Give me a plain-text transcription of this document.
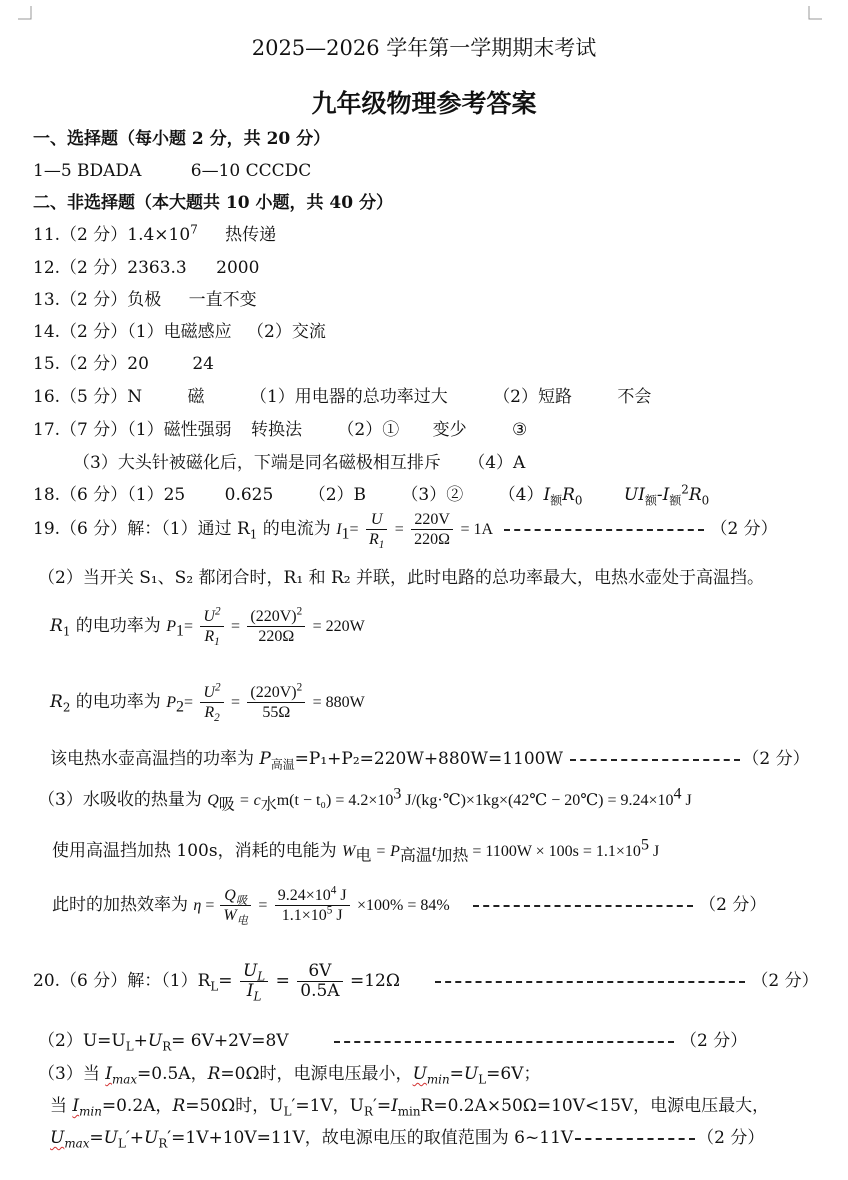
2025—2026 学年第一学期期末考试
九年级物理参考答案
一、选择题（每小题 2 分，共 20 分）
1—5 BDADA	6—10 CCCDC
二、非选择题（本大题共 10 小题，共 40 分）
11.（2 分）$1.4\times 10^7$ 热传递
12.（2 分）2363.3 2000
13.（2 分）负极 一直不变
14.（2 分）（1）电磁感应 （2）交流
15.（2 分）20	24
16.（5 分）N	磁	（1）用电器的总功率过大	（2）短路	不会
17.（7 分）（1）磁性强弱 转换法 （2）① 变少	③
（3）大头针被磁化后，下端是同名磁极相互排斥 （4）A
18.（6 分）（1）25 0.625 （2）B （3）② $(4)I_额R_0$ $UI_额-I_额^2R_0$
19.（6 分）解：（1）通过 $R_1$ 的电流为 $I_1= \frac{U}{R_1} = \frac{220V}{220\Omega} = 1A$	（2 分）
（2）当开关 S₁、S₂ 都闭合时，R₁ 和 R₂ 并联，此时电路的总功率最大，电热水壶处于高温挡。
$R_1$ 的电功率为 $P_1= \frac{U^2}{R_1} = \frac{(220V)^2}{220\Omega} = 220W$
$R_2$ 的电功率为 $P_2= \frac{U^2}{R_2} = \frac{(220V)^2}{55\Omega} = 880W$
该电热水壶高温挡的功率为 $P_{高温}=P_1+P_2=220W+880W=1100W$	（2 分）
（3）水吸收的热量为 $Q_吸 = c_水m(t - t_0) = 4.2\times 10^3$ J/(kg·℃)×1kg×(42℃ − 20℃) = $9.24\times 10^4$ J
使用高温挡加热 100s，消耗的电能为 $W_电 = P_{高温}t_{加热} = 1100W \times 100s = 1.1\times 10^5$ J
此时的加热效率为 $\eta = \frac{Q_吸}{W_电} = \frac{9.24\times 10^4 J}{1.1\times 10^5 J} \times 100\% = 84\%$	（2 分）
20.（6 分）解：$(1)R_L= \frac{U_L}{I_L} = \frac{6V}{0.5A} =12\Omega$	（2 分）
$(2)U=U_L+U_R= 6V+2V=8V$	（2 分）
（3）当 $I_{max}=0.5A$，R=0Ω时，电源电压最小，$U_{min}=U_L=6V$；
当 $I_{min}=0.2A$，R=50Ω时，$U_L'=1V$，$U_R'=I_{min}R=0.2A\times 50\Omega=10V<15V$，电源电压最大，
$U_{max}=U_L'+U_R'=1V+10V=11V$，故电源电压的取值范围为 6~11V	（2 分）
